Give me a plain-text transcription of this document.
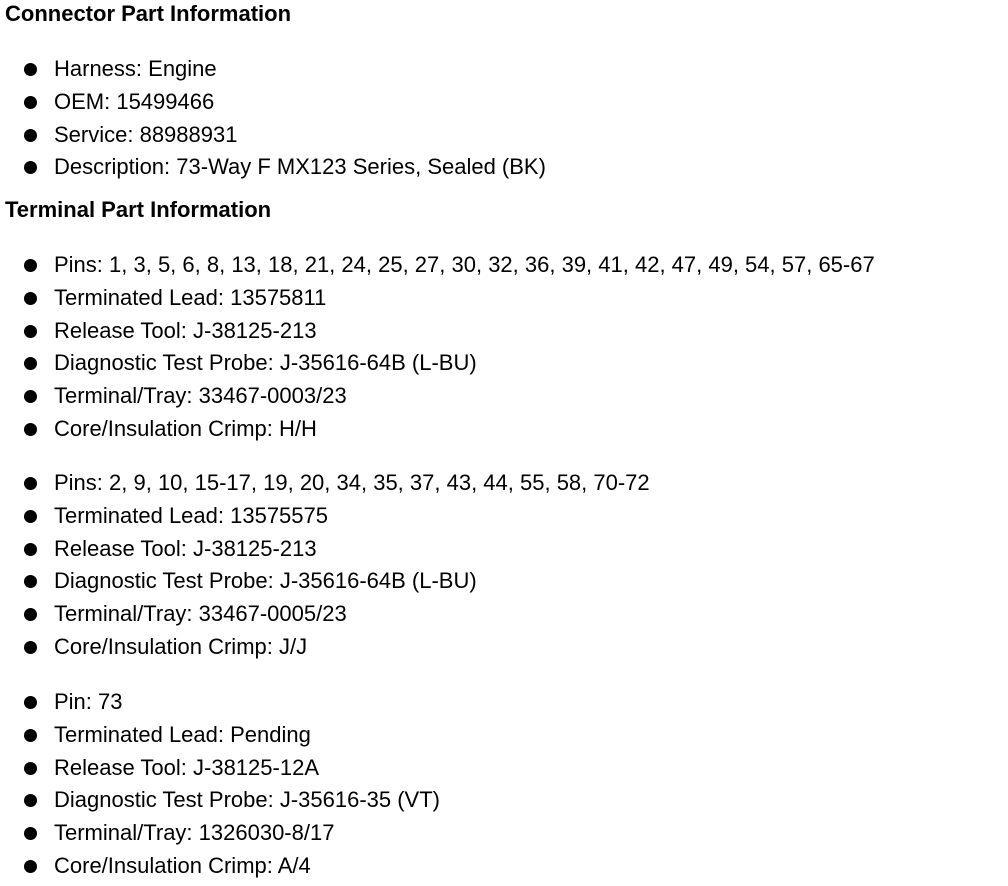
Connector Part Information
Harness: Engine
OEM: 15499466
Service: 88988931
Description: 73-Way F MX123 Series, Sealed (BK)
Terminal Part Information
Pins: 1, 3, 5, 6, 8, 13, 18, 21, 24, 25, 27, 30, 32, 36, 39, 41, 42, 47, 49, 54, 57, 65-67
Terminated Lead: 13575811
Release Tool: J-38125-213
Diagnostic Test Probe: J-35616-64B (L-BU)
Terminal/Tray: 33467-0003/23
Core/Insulation Crimp: H/H
Pins: 2, 9, 10, 15-17, 19, 20, 34, 35, 37, 43, 44, 55, 58, 70-72
Terminated Lead: 13575575
Release Tool: J-38125-213
Diagnostic Test Probe: J-35616-64B (L-BU)
Terminal/Tray: 33467-0005/23
Core/Insulation Crimp: J/J
Pin: 73
Terminated Lead: Pending
Release Tool: J-38125-12A
Diagnostic Test Probe: J-35616-35 (VT)
Terminal/Tray: 1326030-8/17
Core/Insulation Crimp: A/4
